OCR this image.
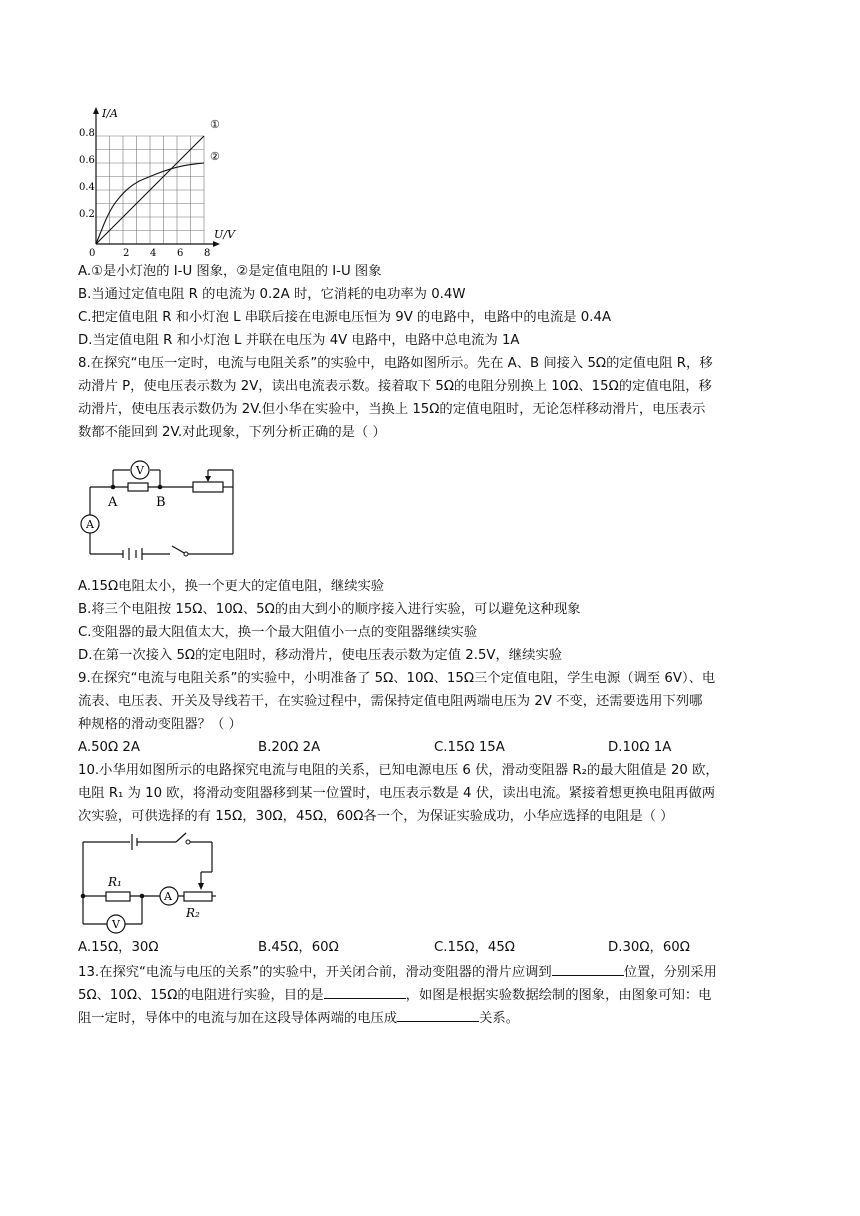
I/A
U/V
0.8
0.6
0.4
0.2
0	2 4 6 8
①
②
A.①是小灯泡的 I-U 图象，②是定值电阻的 I-U 图象
B.当通过定值电阻 R 的电流为 0.2A 时，它消耗的电功率为 0.4W
C.把定值电阻 R 和小灯泡 L 串联后接在电源电压恒为 9V 的电路中，电路中的电流是 0.4A
D.当定值电阻 R 和小灯泡 L 并联在电压为 4V 电路中，电路中总电流为 1A
8.在探究“电压一定时，电流与电阻关系”的实验中，电路如图所示。先在 A、B 间接入 5Ω的定值电阻 R，移
动滑片 P，使电压表示数为 2V，读出电流表示数。接着取下 5Ω的电阻分别换上 10Ω、15Ω的定值电阻，移
动滑片，使电压表示数仍为 2V.但小华在实验中，当换上 15Ω的定值电阻时，无论怎样移动滑片，电压表示
数都不能回到 2V.对此现象，下列分析正确的是（ ）
V
A
A	B
A.15Ω电阻太小，换一个更大的定值电阻，继续实验
B.将三个电阻按 15Ω、10Ω、5Ω的由大到小的顺序接入进行实验，可以避免这种现象
C.变阻器的最大阻值太大，换一个最大阻值小一点的变阻器继续实验
D.在第一次接入 5Ω的定电阻时，移动滑片，使电压表示数为定值 2.5V，继续实验
9.在探究“电流与电阻关系”的实验中，小明准备了 5Ω、10Ω、15Ω三个定值电阻，学生电源（调至 6V）、电
流表、电压表、开关及导线若干，在实验过程中，需保持定值电阻两端电压为 2V 不变，还需要选用下列哪
种规格的滑动变阻器？（ ）
A.50Ω 2A	B.20Ω 2A	C.15Ω 15A	D.10Ω 1A
10.小华用如图所示的电路探究电流与电阻的关系，已知电源电压 6 伏，滑动变阻器 R₂的最大阻值是 20 欧，
电阻 R₁ 为 10 欧，将滑动变阻器移到某一位置时，电压表示数是 4 伏，读出电流。紧接着想更换电阻再做两
次实验，可供选择的有 15Ω，30Ω，45Ω，60Ω各一个，为保证实验成功，小华应选择的电阻是（ ）
R₁
R₂
A
V
A.15Ω，30Ω	B.45Ω，60Ω	C.15Ω，45Ω	D.30Ω，60Ω
13.在探究“电流与电压的关系”的实验中，开关闭合前，滑动变阻器的滑片应调到	位置，分别采用
5Ω、10Ω、15Ω的电阻进行实验，目的是	，如图是根据实验数据绘制的图象，由图象可知：电
阻一定时，导体中的电流与加在这段导体两端的电压成	关系。
